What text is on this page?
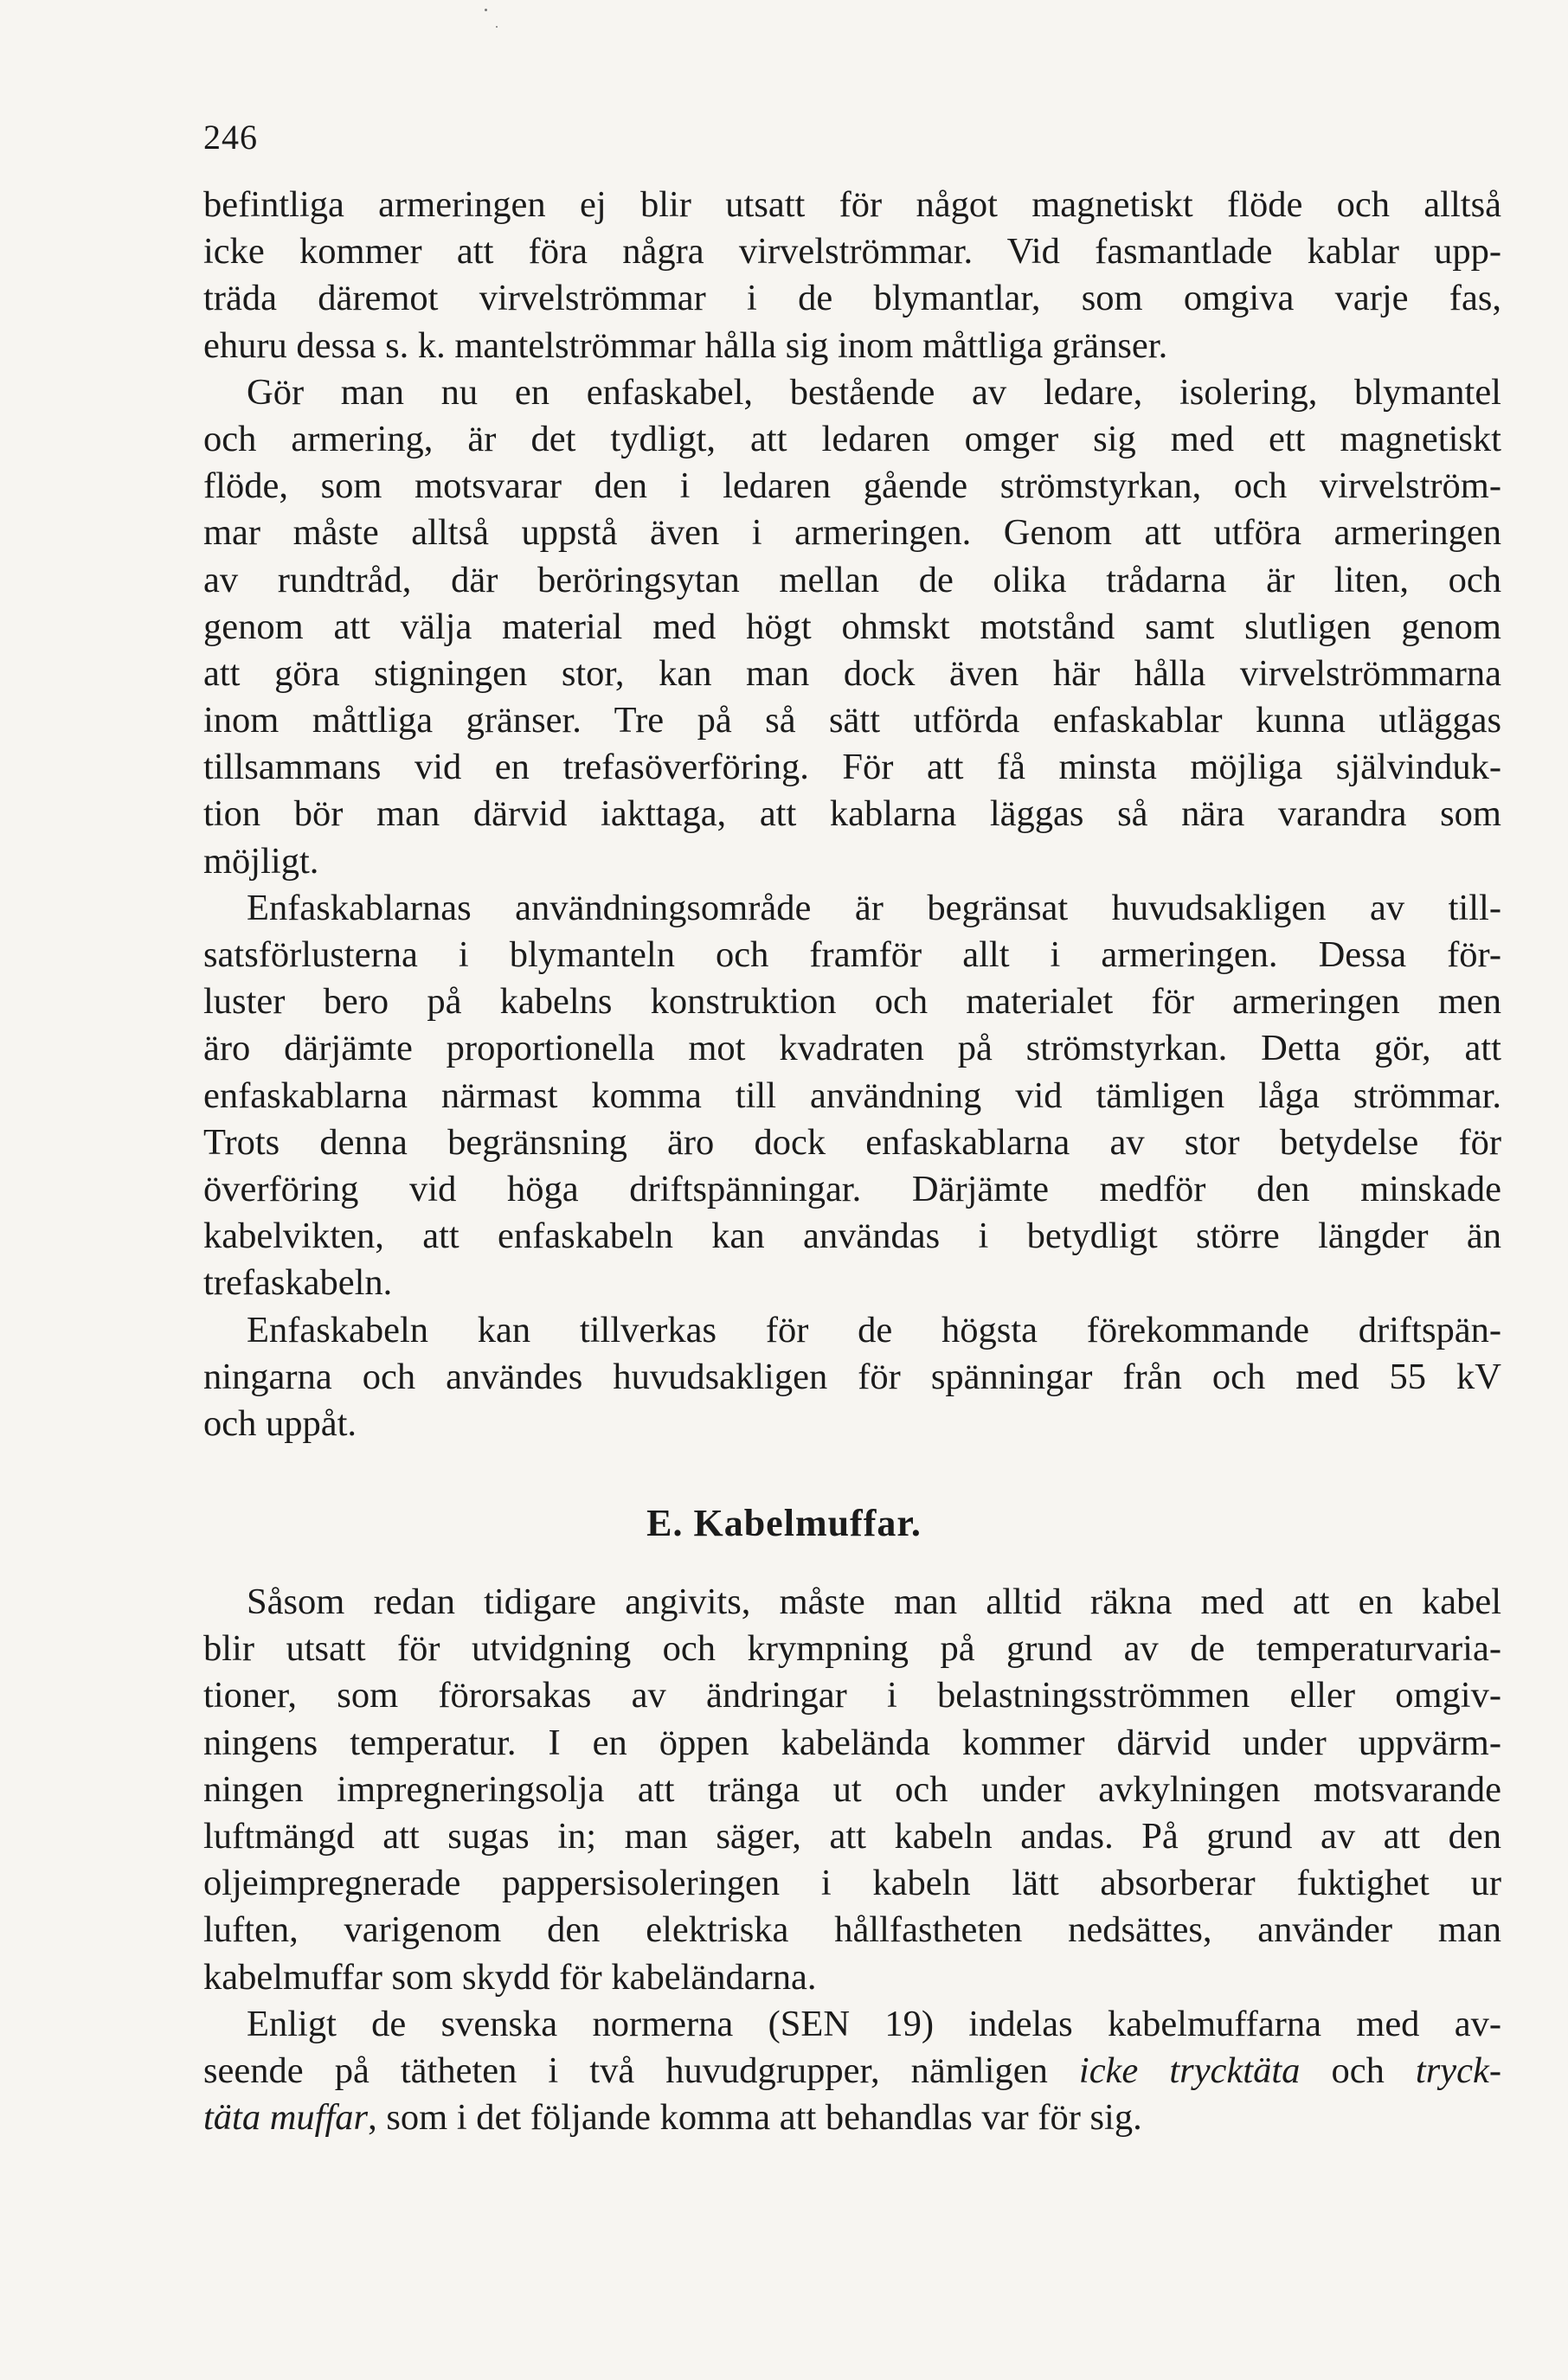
246
befintliga armeringen ej blir utsatt för något magnetiskt flöde och alltså
icke kommer att föra några virvelströmmar. Vid fasmantlade kablar upp-
träda däremot virvelströmmar i de blymantlar, som omgiva varje fas,
ehuru dessa s. k. mantelströmmar hålla sig inom måttliga gränser.
Gör man nu en enfaskabel, bestående av ledare, isolering, blymantel
och armering, är det tydligt, att ledaren omger sig med ett magnetiskt
flöde, som motsvarar den i ledaren gående strömstyrkan, och virvelström-
mar måste alltså uppstå även i armeringen. Genom att utföra armeringen
av rundtråd, där beröringsytan mellan de olika trådarna är liten, och
genom att välja material med högt ohmskt motstånd samt slutligen genom
att göra stigningen stor, kan man dock även här hålla virvelströmmarna
inom måttliga gränser. Tre på så sätt utförda enfaskablar kunna utläggas
tillsammans vid en trefasöverföring. För att få minsta möjliga självinduk-
tion bör man därvid iakttaga, att kablarna läggas så nära varandra som
möjligt.
Enfaskablarnas användningsområde är begränsat huvudsakligen av till-
satsförlusterna i blymanteln och framför allt i armeringen. Dessa för-
luster bero på kabelns konstruktion och materialet för armeringen men
äro därjämte proportionella mot kvadraten på strömstyrkan. Detta gör, att
enfaskablarna närmast komma till användning vid tämligen låga strömmar.
Trots denna begränsning äro dock enfaskablarna av stor betydelse för
överföring vid höga driftspänningar. Därjämte medför den minskade
kabelvikten, att enfaskabeln kan användas i betydligt större längder än
trefaskabeln.
Enfaskabeln kan tillverkas för de högsta förekommande driftspän-
ningarna och användes huvudsakligen för spänningar från och med 55 kV
och uppåt.
E. Kabelmuffar.
Såsom redan tidigare angivits, måste man alltid räkna med att en kabel
blir utsatt för utvidgning och krympning på grund av de temperaturvaria-
tioner, som förorsakas av ändringar i belastningsströmmen eller omgiv-
ningens temperatur. I en öppen kabeländа kommer därvid under uppvärm-
ningen impregneringsolja att tränga ut och under avkylningen motsvarande
luftmängd att sugas in; man säger, att kabeln andas. På grund av att den
oljeimpregnerade pappersisoleringen i kabeln lätt absorberar fuktighet ur
luften, varigenom den elektriska hållfastheten nedsättes, använder man
kabelmuffar som skydd för kabeländarna.
Enligt de svenska normerna (SEN 19) indelas kabelmuffarna med av-
seende på tätheten i två huvudgrupper, nämligen icke trycktäta och tryck-
täta muffar, som i det följande komma att behandlas var för sig.
